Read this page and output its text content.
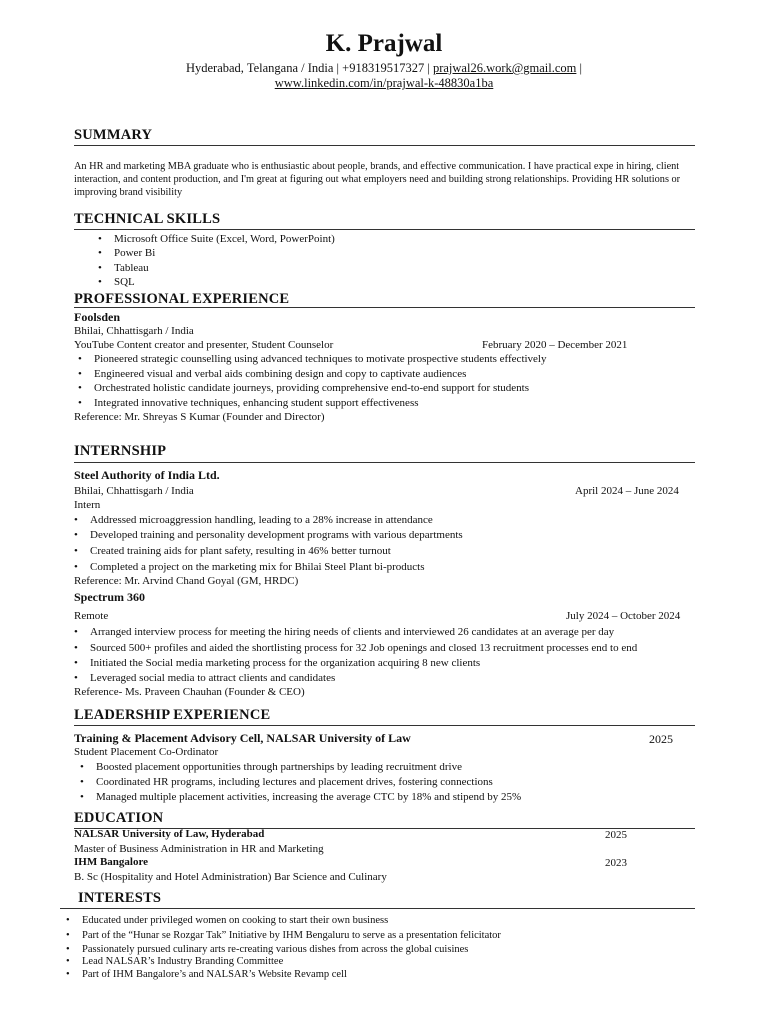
K. Prajwal
Hyderabad, Telangana / India | +918319517327 | prajwal26.work@gmail.com |
www.linkedin.com/in/prajwal-k-48830a1ba
SUMMARY
An HR and marketing MBA graduate who is enthusiastic about people, brands, and effective communication. I have practical expe in hiring, client interaction, and content production, and I'm great at figuring out what employers need and building strong relationships. Providing HR solutions or improving brand visibility
TECHNICAL SKILLS
• Microsoft Office Suite (Excel, Word, PowerPoint)
• Power Bi
• Tableau
• SQL
PROFESSIONAL EXPERIENCE
Foolsden
Bhilai, Chhattisgarh / India
YouTube Content creator and presenter, Student Counselor	February 2020 – December 2021
• Pioneered strategic counselling using advanced techniques to motivate prospective students effectively
• Engineered visual and verbal aids combining design and copy to captivate audiences
• Orchestrated holistic candidate journeys, providing comprehensive end-to-end support for students
• Integrated innovative techniques, enhancing student support effectiveness
Reference: Mr. Shreyas S Kumar (Founder and Director)
INTERNSHIP
Steel Authority of India Ltd.
Bhilai, Chhattisgarh / India	April 2024 – June 2024
Intern
• Addressed microaggression handling, leading to a 28% increase in attendance
• Developed training and personality development programs with various departments
• Created training aids for plant safety, resulting in 46% better turnout
• Completed a project on the marketing mix for Bhilai Steel Plant bi-products
Reference: Mr. Arvind Chand Goyal (GM, HRDC)
Spectrum 360
Remote	July 2024 – October 2024
• Arranged interview process for meeting the hiring needs of clients and interviewed 26 candidates at an average per day
• Sourced 500+ profiles and aided the shortlisting process for 32 Job openings and closed 13 recruitment processes end to end
• Initiated the Social media marketing process for the organization acquiring 8 new clients
• Leveraged social media to attract clients and candidates
Reference- Ms. Praveen Chauhan (Founder & CEO)
LEADERSHIP EXPERIENCE
Training & Placement Advisory Cell, NALSAR University of Law	2025
Student Placement Co-Ordinator
• Boosted placement opportunities through partnerships by leading recruitment drive
• Coordinated HR programs, including lectures and placement drives, fostering connections
• Managed multiple placement activities, increasing the average CTC by 18% and stipend by 25%
EDUCATION
NALSAR University of Law, Hyderabad	2025
Master of Business Administration in HR and Marketing
IHM Bangalore	2023
B. Sc (Hospitality and Hotel Administration) Bar Science and Culinary
INTERESTS
• Educated under privileged women on cooking to start their own business
• Part of the “Hunar se Rozgar Tak” Initiative by IHM Bengaluru to serve as a presentation felicitator
• Passionately pursued culinary arts re-creating various dishes from across the global cuisines
• Lead NALSAR’s Industry Branding Committee
• Part of IHM Bangalore’s and NALSAR’s Website Revamp cell
